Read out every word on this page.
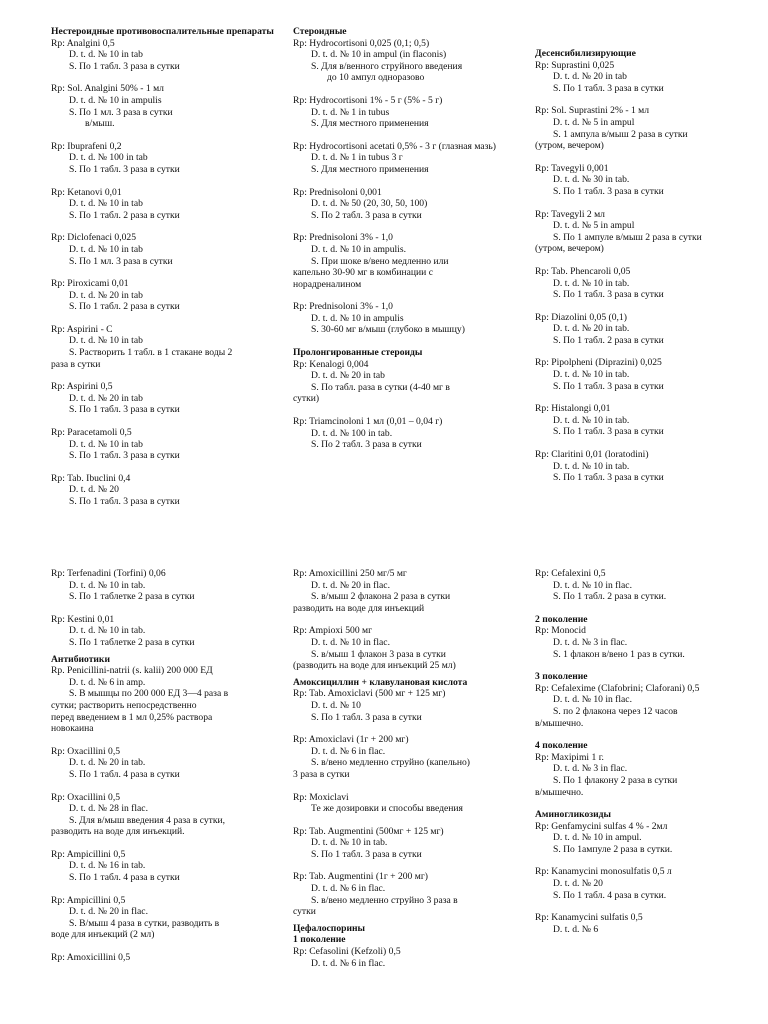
Нестероидные противовоспалительные препараты
Rp: Analgini 0,5
D. t. d. № 10 in tab
S. По 1 табл. 3 раза в сутки
Rp: Sol. Analgini 50% - 1 мл
D. t. d. № 10 in ampulis
S. По 1 мл. 3 раза в сутки
в/мыш.
Rp: Ibuprafeni 0,2
D. t. d. № 100 in tab
S. По 1 табл. 3 раза в сутки
Rp: Ketanovi 0,01
D. t. d. № 10 in tab
S. По 1 табл. 2 раза в сутки
Rp: Diclofenaci 0,025
D. t. d. № 10 in tab
S. По 1 мл. 3 раза в сутки
Rp: Piroxicami 0,01
D. t. d. № 20 in tab
S. По 1 табл. 2 раза в сутки
Rp: Aspirini - C
D. t. d. № 10 in tab
S. Растворить 1 табл. в 1 стакане воды 2
раза в сутки
Rp: Aspirini 0,5
D. t. d. № 20 in tab
S. По 1 табл. 3 раза в сутки
Rp: Paracetamoli 0,5
D. t. d. № 10 in tab
S. По 1 табл. 3 раза в сутки
Rp: Tab. Ibuclini 0,4
D. t. d. № 20
S. По 1 табл. 3 раза в сутки
Стероидные
Rp: Hydrocortisoni 0,025 (0,1; 0,5)
D. t. d. № 10 in ampul (in flaconis)
S. Для в/венного струйного введения
до 10 ампул одноразово
Rp: Hydrocortisoni 1% - 5 г (5% - 5 г)
D. t. d. № 1 in tubus
S. Для местного применения
Rp: Hydrocortisoni acetati 0,5% - 3 г (глазная мазь)
D. t. d. № 1 in tubus 3 г
S. Для местного применения
Rp: Prednisoloni 0,001
D. t. d. № 50 (20, 30, 50, 100)
S. По 2 табл. 3 раза в сутки
Rp: Prednisoloni 3% - 1,0
D. t. d. № 10 in ampulis.
S. При шоке в/вено медленно или
капельно 30-90 мг в комбинации с
норадреналином
Rp: Prednisoloni 3% - 1,0
D. t. d. № 10 in ampulis
S. 30-60 мг в/мыш (глубоко в мышцу)
Пролонгированные стероиды
Rp: Kenalogi 0,004
D. t. d. № 20 in tab
S. По табл. раза в сутки (4-40 мг в
сутки)
Rp: Triamcinoloni 1 мл (0,01 – 0,04 г)
D. t. d. № 100 in tab.
S. По 2 табл. 3 раза в сутки
Десенсибилизирующие
Rp: Suprastini 0,025
D. t. d. № 20 in tab
S. По 1 табл. 3 раза в сутки
Rp: Sol. Suprastini 2% - 1 мл
D. t. d. № 5 in ampul
S. 1 ампула в/мыш 2 раза в сутки
(утром, вечером)
Rp: Tavegyli 0,001
D. t. d. № 30 in tab.
S. По 1 табл. 3 раза в сутки
Rp: Tavegyli 2 мл
D. t. d. № 5 in ampul
S. По 1 ампуле в/мыш 2 раза в сутки
(утром, вечером)
Rp: Tab. Phencaroli 0,05
D. t. d. № 10 in tab.
S. По 1 табл. 3 раза в сутки
Rp: Diazolini 0,05 (0,1)
D. t. d. № 20 in tab.
S. По 1 табл. 2 раза в сутки
Rp: Pipolpheni (Diprazini) 0,025
D. t. d. № 10 in tab.
S. По 1 табл. 3 раза в сутки
Rp: Histalongi 0,01
D. t. d. № 10 in tab.
S. По 1 табл. 3 раза в сутки
Rp: Claritini 0,01 (loratodini)
D. t. d. № 10 in tab.
S. По 1 табл. 3 раза в сутки
Rp: Terfenadini (Torfini) 0,06
D. t. d. № 10 in tab.
S. По 1 таблетке 2 раза в сутки
Rp: Kestini 0,01
D. t. d. № 10 in tab.
S. По 1 таблетке 2 раза в сутки
Антибиотики
Rp. Penicillini-natrii (s. kalii) 200 000 ЕД
D. t. d. № 6 in amp.
S. В мышцы по 200 000 ЕД 3—4 раза в
сутки; растворить непосредственно
перед введением в 1 мл 0,25% раствора
новокаина
Rp: Oxacillini 0,5
D. t. d. № 20 in tab.
S. По 1 табл. 4 раза в сутки
Rp: Oxacillini 0,5
D. t. d. № 28 in flac.
S. Для в/мыш введения 4 раза в сутки,
разводить на воде для инъекций.
Rp: Ampicillini 0,5
D. t. d. № 16 in tab.
S. По 1 табл. 4 раза в сутки
Rp: Ampicillini 0,5
D. t. d. № 20 in flac.
S. В/мыш 4 раза в сутки, разводить в
воде для инъекций (2 мл)
Rp: Amoxicillini 0,5
Rp: Amoxicillini 250 мг/5 мг
D. t. d. № 20 in flac.
S. в/мыш 2 флакона 2 раза в сутки
разводить на воде для инъекций
Rp: Ampioxi 500 мг
D. t. d. № 10 in flac.
S. в/мыш 1 флакон 3 раза в сутки
(разводить на воде для инъекций 25 мл)
Амоксициллин + клавулановая кислота
Rp: Tab. Amoxiclavi (500 мг + 125 мг)
D. t. d. № 10
S. По 1 табл. 3 раза в сутки
Rp: Amoxiclavi (1г + 200 мг)
D. t. d. № 6 in flac.
S. в/вено медленно струйно (капельно)
3 раза в сутки
Rp: Moxiclavi
Те же дозировки и способы введения
Rp: Tab. Augmentini (500мг + 125 мг)
D. t. d. № 10 in tab.
S. По 1 табл. 3 раза в сутки
Rp: Tab. Augmentini (1г + 200 мг)
D. t. d. № 6 in flac.
S. в/вено медленно струйно 3 раза в
сутки
Цефалоспорины
1 поколение
Rp: Cefasolini (Kefzoli) 0,5
D. t. d. № 6 in flac.
Rp: Cefalexini 0,5
D. t. d. № 10 in flac.
S. По 1 табл. 2 раза в сутки.
2 поколение
Rp: Monocid
D. t. d. № 3 in flac.
S. 1 флакон в/вено 1 раз в сутки.
3 поколение
Rp: Cefalexime (Clafobrini; Claforani) 0,5
D. t. d. № 10 in flac.
S. по 2 флакона через 12 часов
в/мышечно.
4 поколение
Rp: Maxipimi 1 г.
D. t. d. № 3 in flac.
S. По 1 флакону 2 раза в сутки
в/мышечно.
Аминогликозиды
Rp: Genfamycini sulfas 4 % - 2мл
D. t. d. № 10 in ampul.
S. По 1ампуле 2 раза в сутки.
Rp: Kanamycini monosulfatis 0,5 л
D. t. d. № 20
S. По 1 табл. 4 раза в сутки.
Rp: Kanamycini sulfatis 0,5
D. t. d. № 6
